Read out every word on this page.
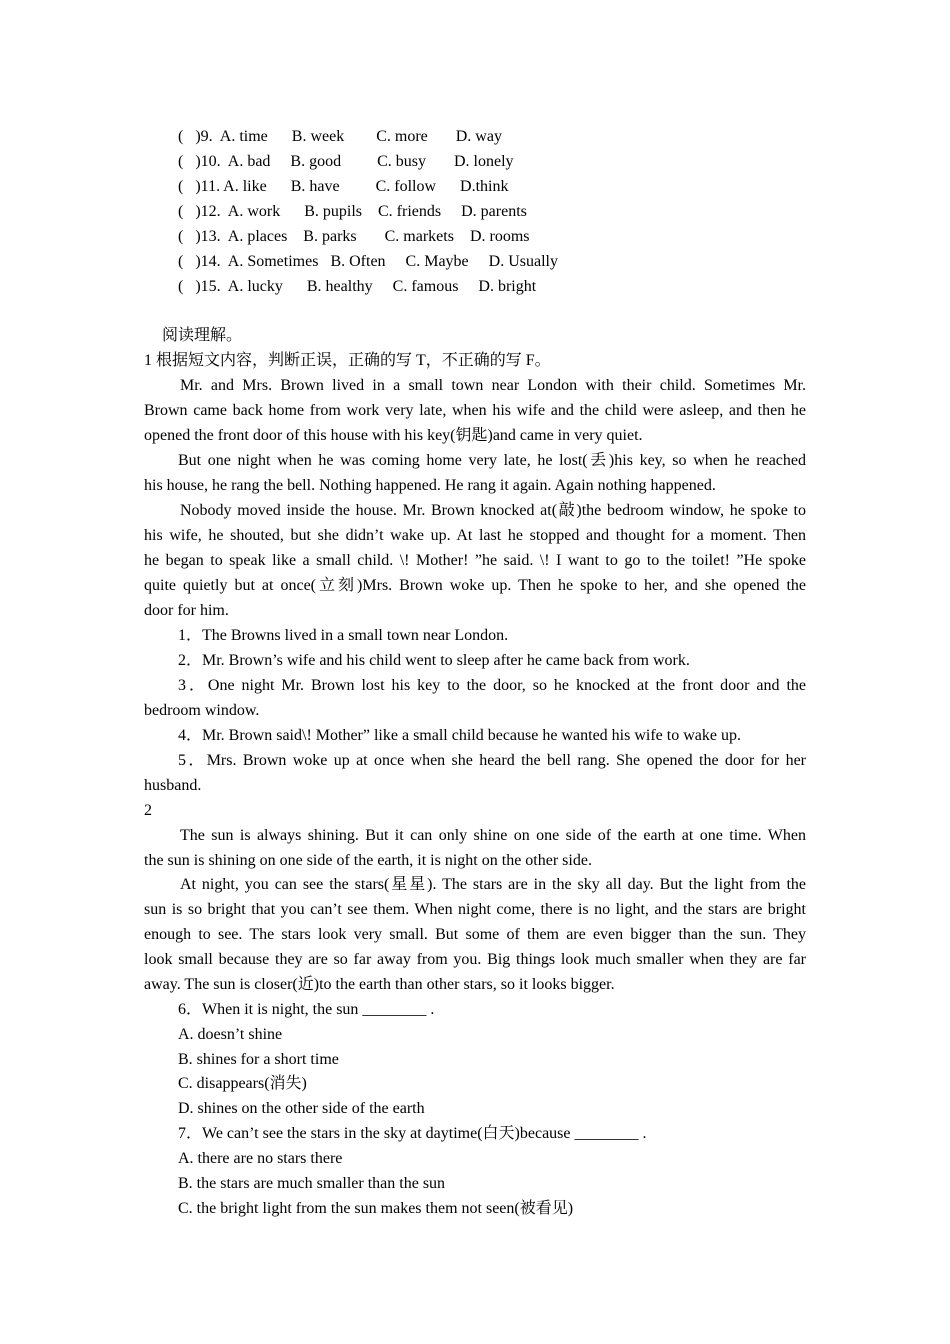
(   )9.  A. time      B. week        C. more       D. way
(   )10.  A. bad     B. good         C. busy       D. lonely
(   )11. A. like      B. have         C. follow      D.think
(   )12.  A. work      B. pupils    C. friends     D. parents
(   )13.  A. places    B. parks       C. markets    D. rooms
(   )14.  A. Sometimes   B. Often     C. Maybe     D. Usually
(   )15.  A. lucky      B. healthy     C. famous     D. bright
阅读理解。
1 根据短文内容，判断正误，正确的写 T，不正确的写 F。
Mr. and Mrs. Brown lived in a small town near London with their child. Sometimes Mr.
Brown came back home from work very late, when his wife and the child were asleep, and then he
opened the front door of this house with his key(钥匙)and came in very quiet.
But one night when he was coming home very late, he lost(丢)his key, so when he reached
his house, he rang the bell. Nothing happened. He rang it again. Again nothing happened.
Nobody moved inside the house. Mr. Brown knocked at(敲)the bedroom window, he spoke to
his wife, he shouted, but she didn’t wake up. At last he stopped and thought for a moment. Then
he began to speak like a small child. \! Mother! ”he said. \! I want to go to the toilet! ”He spoke
quite quietly but at once(立刻)Mrs. Brown woke up. Then he spoke to her, and she opened the
door for him.
1．The Browns lived in a small town near London.
2．Mr. Brown’s wife and his child went to sleep after he came back from work.
3．One night Mr. Brown lost his key to the door, so he knocked at the front door and the
bedroom window.
4．Mr. Brown said\! Mother” like a small child because he wanted his wife to wake up.
5．Mrs. Brown woke up at once when she heard the bell rang. She opened the door for her
husband.
2
The sun is always shining. But it can only shine on one side of the earth at one time. When
the sun is shining on one side of the earth, it is night on the other side.
At night, you can see the stars(星星). The stars are in the sky all day. But the light from the
sun is so bright that you can’t see them. When night come, there is no light, and the stars are bright
enough to see. The stars look very small. But some of them are even bigger than the sun. They
look small because they are so far away from you. Big things look much smaller when they are far
away. The sun is closer(近)to the earth than other stars, so it looks bigger.
6．When it is night, the sun ________ .
A. doesn’t shine
B. shines for a short time
C. disappears(消失)
D. shines on the other side of the earth
7．We can’t see the stars in the sky at daytime(白天)because ________ .
A. there are no stars there
B. the stars are much smaller than the sun
C. the bright light from the sun makes them not seen(被看见)
